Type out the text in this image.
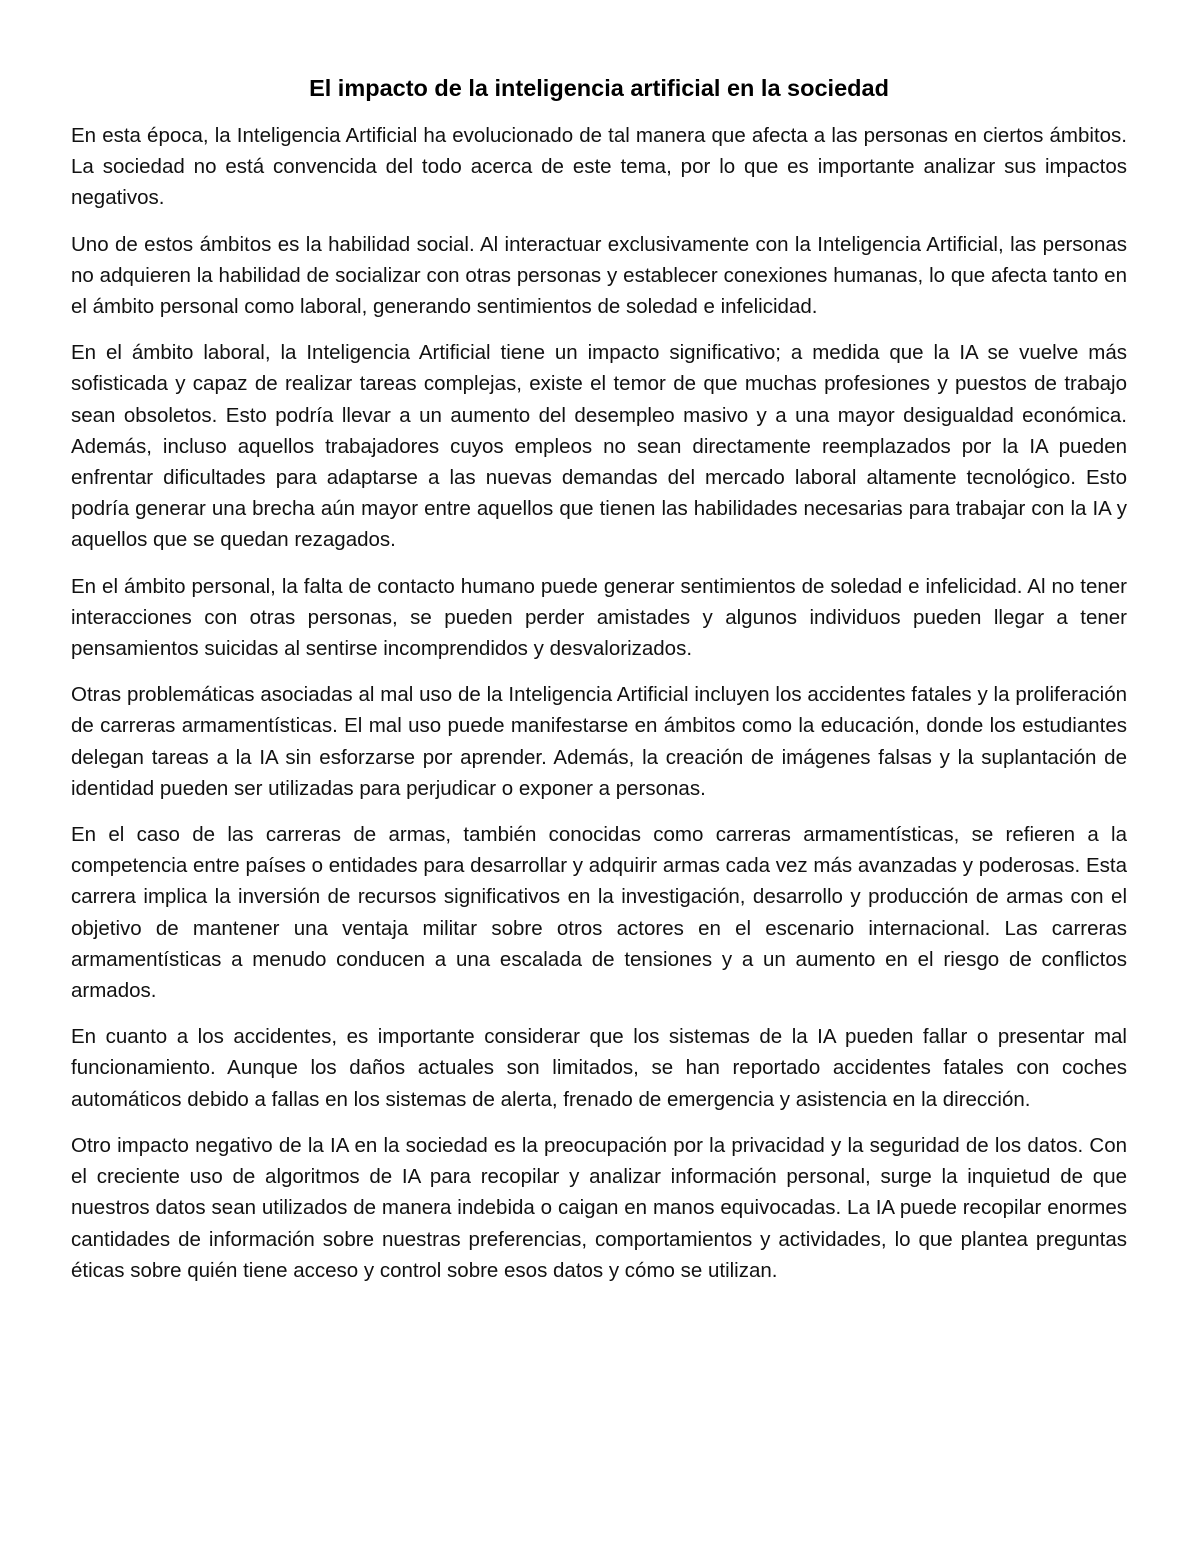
El impacto de la inteligencia artificial en la sociedad

En esta época, la Inteligencia Artificial ha evolucionado de tal manera que afecta a las personas en ciertos ámbitos. La sociedad no está convencida del todo acerca de este tema, por lo que es importante analizar sus impactos negativos.

Uno de estos ámbitos es la habilidad social. Al interactuar exclusivamente con la Inteligencia Artificial, las personas no adquieren la habilidad de socializar con otras personas y establecer conexiones humanas, lo que afecta tanto en el ámbito personal como laboral, generando sentimientos de soledad e infelicidad.

En el ámbito laboral, la Inteligencia Artificial tiene un impacto significativo; a medida que la IA se vuelve más sofisticada y capaz de realizar tareas complejas, existe el temor de que muchas profesiones y puestos de trabajo sean obsoletos. Esto podría llevar a un aumento del desempleo masivo y a una mayor desigualdad económica. Además, incluso aquellos trabajadores cuyos empleos no sean directamente reemplazados por la IA pueden enfrentar dificultades para adaptarse a las nuevas demandas del mercado laboral altamente tecnológico. Esto podría generar una brecha aún mayor entre aquellos que tienen las habilidades necesarias para trabajar con la IA y aquellos que se quedan rezagados.

En el ámbito personal, la falta de contacto humano puede generar sentimientos de soledad e infelicidad. Al no tener interacciones con otras personas, se pueden perder amistades y algunos individuos pueden llegar a tener pensamientos suicidas al sentirse incomprendidos y desvalorizados.

Otras problemáticas asociadas al mal uso de la Inteligencia Artificial incluyen los accidentes fatales y la proliferación de carreras armamentísticas. El mal uso puede manifestarse en ámbitos como la educación, donde los estudiantes delegan tareas a la IA sin esforzarse por aprender. Además, la creación de imágenes falsas y la suplantación de identidad pueden ser utilizadas para perjudicar o exponer a personas.

En el caso de las carreras de armas, también conocidas como carreras armamentísticas, se refieren a la competencia entre países o entidades para desarrollar y adquirir armas cada vez más avanzadas y poderosas. Esta carrera implica la inversión de recursos significativos en la investigación, desarrollo y producción de armas con el objetivo de mantener una ventaja militar sobre otros actores en el escenario internacional. Las carreras armamentísticas a menudo conducen a una escalada de tensiones y a un aumento en el riesgo de conflictos armados.

En cuanto a los accidentes, es importante considerar que los sistemas de la IA pueden fallar o presentar mal funcionamiento. Aunque los daños actuales son limitados, se han reportado accidentes fatales con coches automáticos debido a fallas en los sistemas de alerta, frenado de emergencia y asistencia en la dirección.

Otro impacto negativo de la IA en la sociedad es la preocupación por la privacidad y la seguridad de los datos. Con el creciente uso de algoritmos de IA para recopilar y analizar información personal, surge la inquietud de que nuestros datos sean utilizados de manera indebida o caigan en manos equivocadas. La IA puede recopilar enormes cantidades de información sobre nuestras preferencias, comportamientos y actividades, lo que plantea preguntas éticas sobre quién tiene acceso y control sobre esos datos y cómo se utilizan.
